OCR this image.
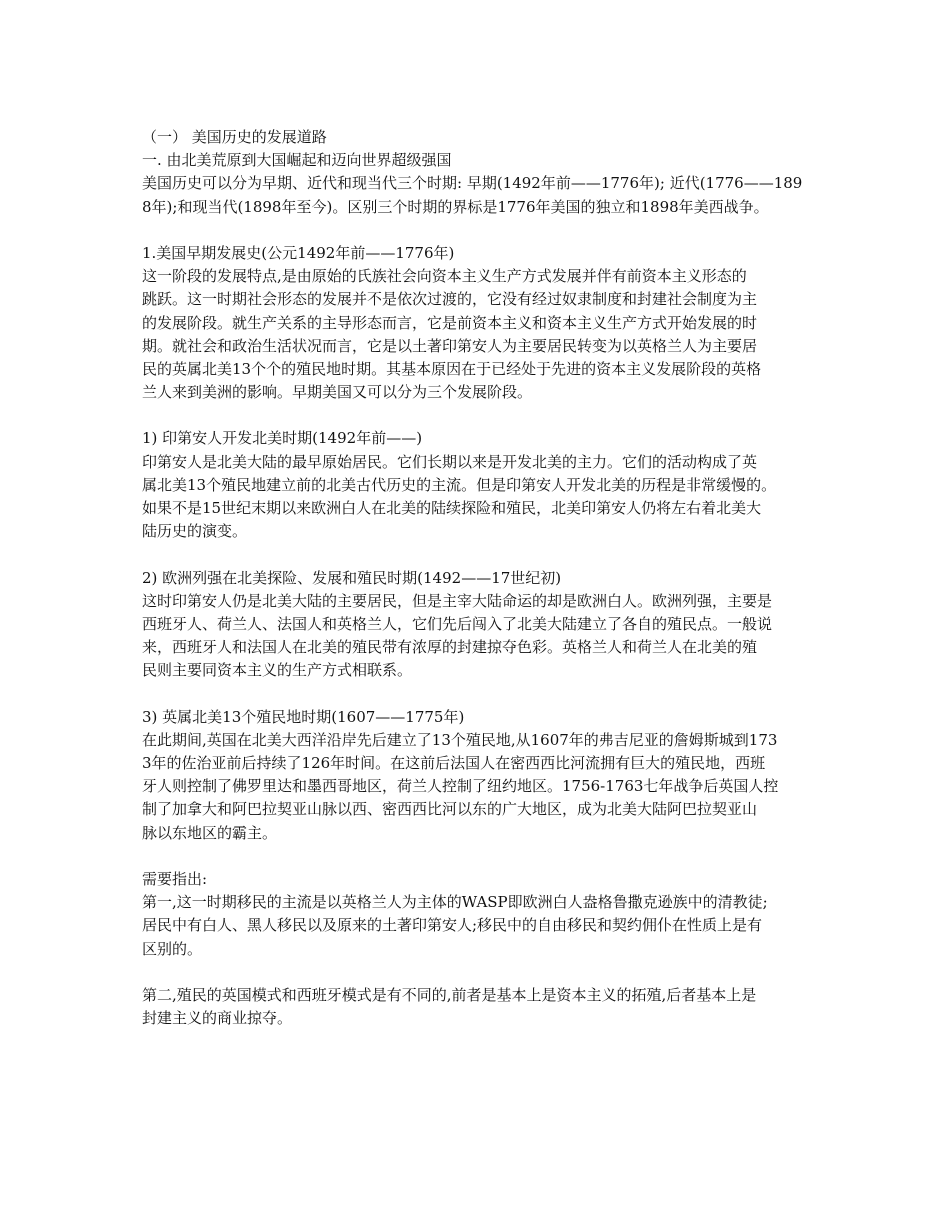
（一） 美国历史的发展道路
一. 由北美荒原到大国崛起和迈向世界超级强国
美国历史可以分为早期、近代和现当代三个时期: 早期(1492年前——1776年); 近代(1776——189
8年);和现当代(1898年至今)。区别三个时期的界标是1776年美国的独立和1898年美西战争。
1.美国早期发展史(公元1492年前——1776年)
这一阶段的发展特点,是由原始的氏族社会向资本主义生产方式发展并伴有前资本主义形态的
跳跃。这一时期社会形态的发展并不是依次过渡的，它没有经过奴隶制度和封建社会制度为主
的发展阶段。就生产关系的主导形态而言，它是前资本主义和资本主义生产方式开始发展的时
期。就社会和政治生活状况而言，它是以土著印第安人为主要居民转变为以英格兰人为主要居
民的英属北美13个个的殖民地时期。其基本原因在于已经处于先进的资本主义发展阶段的英格
兰人来到美洲的影响。早期美国又可以分为三个发展阶段。
1) 印第安人开发北美时期(1492年前——)
印第安人是北美大陆的最早原始居民。它们长期以来是开发北美的主力。它们的活动构成了英
属北美13个殖民地建立前的北美古代历史的主流。但是印第安人开发北美的历程是非常缓慢的。
如果不是15世纪末期以来欧洲白人在北美的陆续探险和殖民，北美印第安人仍将左右着北美大
陆历史的演变。
2) 欧洲列强在北美探险、发展和殖民时期(1492——17世纪初)
这时印第安人仍是北美大陆的主要居民，但是主宰大陆命运的却是欧洲白人。欧洲列强，主要是
西班牙人、荷兰人、法国人和英格兰人，它们先后闯入了北美大陆建立了各自的殖民点。一般说
来，西班牙人和法国人在北美的殖民带有浓厚的封建掠夺色彩。英格兰人和荷兰人在北美的殖
民则主要同资本主义的生产方式相联系。
3) 英属北美13个殖民地时期(1607——1775年)
在此期间,英国在北美大西洋沿岸先后建立了13个殖民地,从1607年的弗吉尼亚的詹姆斯城到173
3年的佐治亚前后持续了126年时间。在这前后法国人在密西西比河流拥有巨大的殖民地，西班
牙人则控制了佛罗里达和墨西哥地区，荷兰人控制了纽约地区。1756-1763七年战争后英国人控
制了加拿大和阿巴拉契亚山脉以西、密西西比河以东的广大地区，成为北美大陆阿巴拉契亚山
脉以东地区的霸主。
需要指出:
第一,这一时期移民的主流是以英格兰人为主体的WASP即欧洲白人盎格鲁撒克逊族中的清教徒;
居民中有白人、黑人移民以及原来的土著印第安人;移民中的自由移民和契约佣仆在性质上是有
区别的。
第二,殖民的英国模式和西班牙模式是有不同的,前者是基本上是资本主义的拓殖,后者基本上是
封建主义的商业掠夺。
